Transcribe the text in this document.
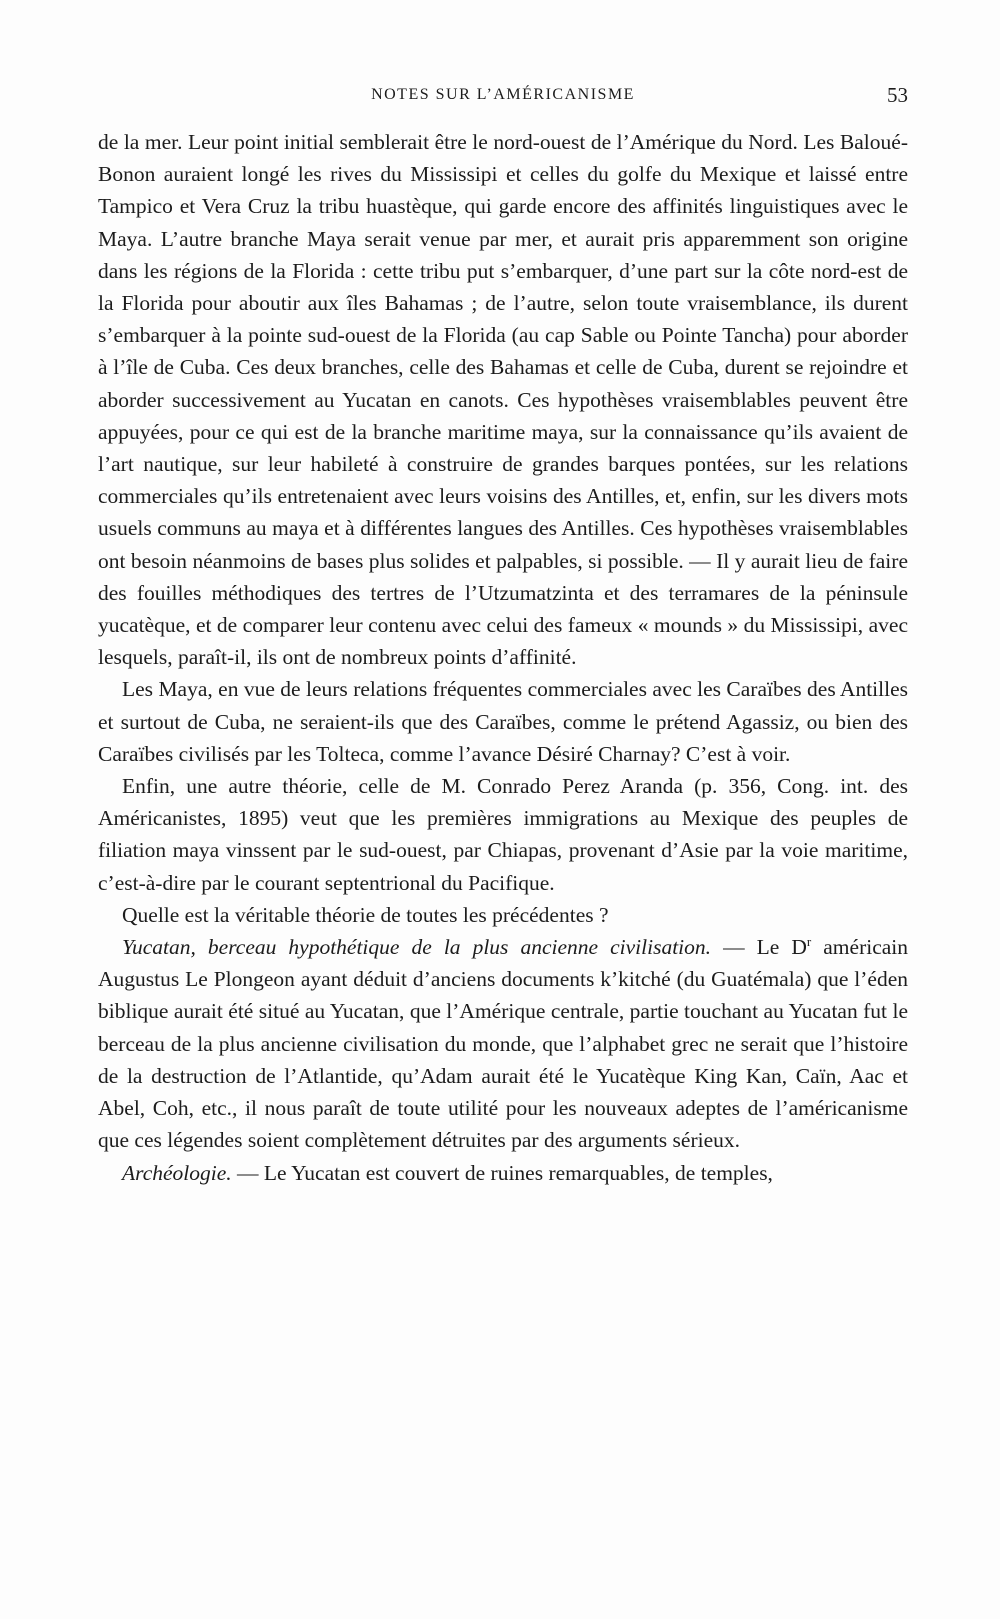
NOTES SUR L’AMÉRICANISME	53

de la mer. Leur point initial semblerait être le nord-ouest de l’Amérique du Nord. Les Baloué-Bonon auraient longé les rives du Mississipi et celles du golfe du Mexique et laissé entre Tampico et Vera Cruz la tribu huastèque, qui garde encore des affinités linguistiques avec le Maya. L’autre branche Maya serait venue par mer, et aurait pris apparemment son origine dans les régions de la Florida : cette tribu put s’embarquer, d’une part sur la côte nord-est de la Florida pour aboutir aux îles Bahamas ; de l’autre, selon toute vraisemblance, ils durent s’embarquer à la pointe sud-ouest de la Florida (au cap Sable ou Pointe Tancha) pour aborder à l’île de Cuba. Ces deux branches, celle des Bahamas et celle de Cuba, durent se rejoindre et aborder successivement au Yucatan en canots. Ces hypothèses vraisemblables peuvent être appuyées, pour ce qui est de la branche maritime maya, sur la connaissance qu’ils avaient de l’art nautique, sur leur habileté à construire de grandes barques pontées, sur les relations commerciales qu’ils entretenaient avec leurs voisins des Antilles, et, enfin, sur les divers mots usuels communs au maya et à différentes langues des Antilles. Ces hypothèses vraisemblables ont besoin néanmoins de bases plus solides et palpables, si possible. — Il y aurait lieu de faire des fouilles méthodiques des tertres de l’Utzumatzinta et des terramares de la péninsule yucatèque, et de comparer leur contenu avec celui des fameux « mounds » du Mississipi, avec lesquels, paraît-il, ils ont de nombreux points d’affinité.

Les Maya, en vue de leurs relations fréquentes commerciales avec les Caraïbes des Antilles et surtout de Cuba, ne seraient-ils que des Caraïbes, comme le prétend Agassiz, ou bien des Caraïbes civilisés par les Tolteca, comme l’avance Désiré Charnay? C’est à voir.

Enfin, une autre théorie, celle de M. Conrado Perez Aranda (p. 356, Cong. int. des Américanistes, 1895) veut que les premières immigrations au Mexique des peuples de filiation maya vinssent par le sud-ouest, par Chiapas, provenant d’Asie par la voie maritime, c’est-à-dire par le courant septentrional du Pacifique.

Quelle est la véritable théorie de toutes les précédentes ?

Yucatan, berceau hypothétique de la plus ancienne civilisation. — Le $D^r$ américain Augustus Le Plongeon ayant déduit d’anciens documents k’kitché (du Guatémala) que l’éden biblique aurait été situé au Yucatan, que l’Amérique centrale, partie touchant au Yucatan fut le berceau de la plus ancienne civilisation du monde, que l’alphabet grec ne serait que l’histoire de la destruction de l’Atlantide, qu’Adam aurait été le Yucatèque King Kan, Caïn, Aac et Abel, Coh, etc., il nous paraît de toute utilité pour les nouveaux adeptes de l’américanisme que ces légendes soient complètement détruites par des arguments sérieux.

Archéologie. — Le Yucatan est couvert de ruines remarquables, de temples,
